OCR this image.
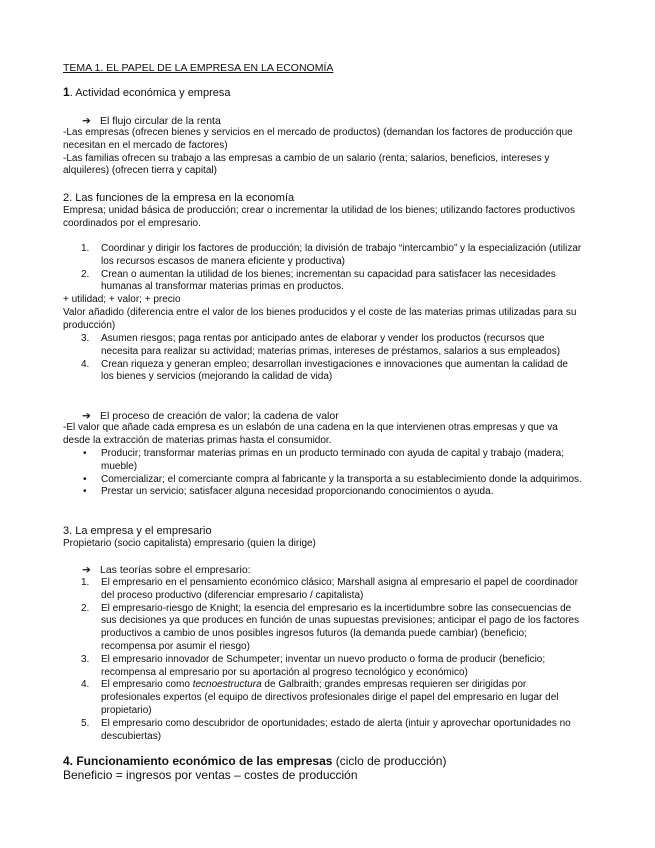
TEMA 1. EL PAPEL DE LA EMPRESA EN LA ECONOMÍA
1. Actividad económica y empresa
➔ El flujo circular de la renta

-Las empresas (ofrecen bienes y servicios en el mercado de productos) (demandan los factores de producción que necesitan en el mercado de factores)

-Las familias ofrecen su trabajo a las empresas a cambio de un salario (renta; salarios, beneficios, intereses y alquileres) (ofrecen tierra y capital)

2. Las funciones de la empresa en la economía
Empresa; unidad básica de producción; crear o incrementar la utilidad de los bienes; utilizando factores productivos coordinados por el empresario.
1. Coordinar y dirigir los factores de producción; la división de trabajo “intercambio” y la especialización (utilizar los recursos escasos de manera eficiente y productiva)
2. Crean o aumentan la utilidad de los bienes; incrementan su capacidad para satisfacer las necesidades humanas al transformar materias primas en productos.
+ utilidad; + valor; + precio
Valor añadido (diferencia entre el valor de los bienes producidos y el coste de las materias primas utilizadas para su producción)
3. Asumen riesgos; paga rentas por anticipado antes de elaborar y vender los productos (recursos que necesita para realizar su actividad; materias primas, intereses de préstamos, salarios a sus empleados)
4. Crean riqueza y generan empleo; desarrollan investigaciones e innovaciones que aumentan la calidad de los bienes y servicios (mejorando la calidad de vida)
➔ El proceso de creación de valor; la cadena de valor
-El valor que añade cada empresa es un eslabón de una cadena en la que intervienen otras empresas y que va desde la extracción de materias primas hasta el consumidor.
• Producir; transformar materias primas en un producto terminado con ayuda de capital y trabajo (madera; mueble)
• Comercializar; el comerciante compra al fabricante y la transporta a su establecimiento donde la adquirimos.
• Prestar un servicio; satisfacer alguna necesidad proporcionando conocimientos o ayuda.
3. La empresa y el empresario
Propietario (socio capitalista) empresario (quien la dirige)
➔ Las teorías sobre el empresario:
1. El empresario en el pensamiento económico clásico; Marshall asigna al empresario el papel de coordinador del proceso productivo (diferenciar empresario / capitalista)
2. El empresario-riesgo de Knight; la esencia del empresario es la incertidumbre sobre las consecuencias de sus decisiones ya que produces en función de unas supuestas previsiones; anticipar el pago de los factores productivos a cambio de unos posibles ingresos futuros (la demanda puede cambiar) (beneficio; recompensa por asumir el riesgo)
3. El empresario innovador de Schumpeter; inventar un nuevo producto o forma de producir (beneficio; recompensa al empresario por su aportación al progreso tecnológico y económico)
4. El empresario como tecnoestructura de Galbraith; grandes empresas requieren ser dirigidas por profesionales expertos (el equipo de directivos profesionales dirige el papel del empresario en lugar del propietario)
5. El empresario como descubridor de oportunidades; estado de alerta (intuir y aprovechar oportunidades no descubiertas)
4. Funcionamiento económico de las empresas (ciclo de producción)
Beneficio = ingresos por ventas – costes de producción
